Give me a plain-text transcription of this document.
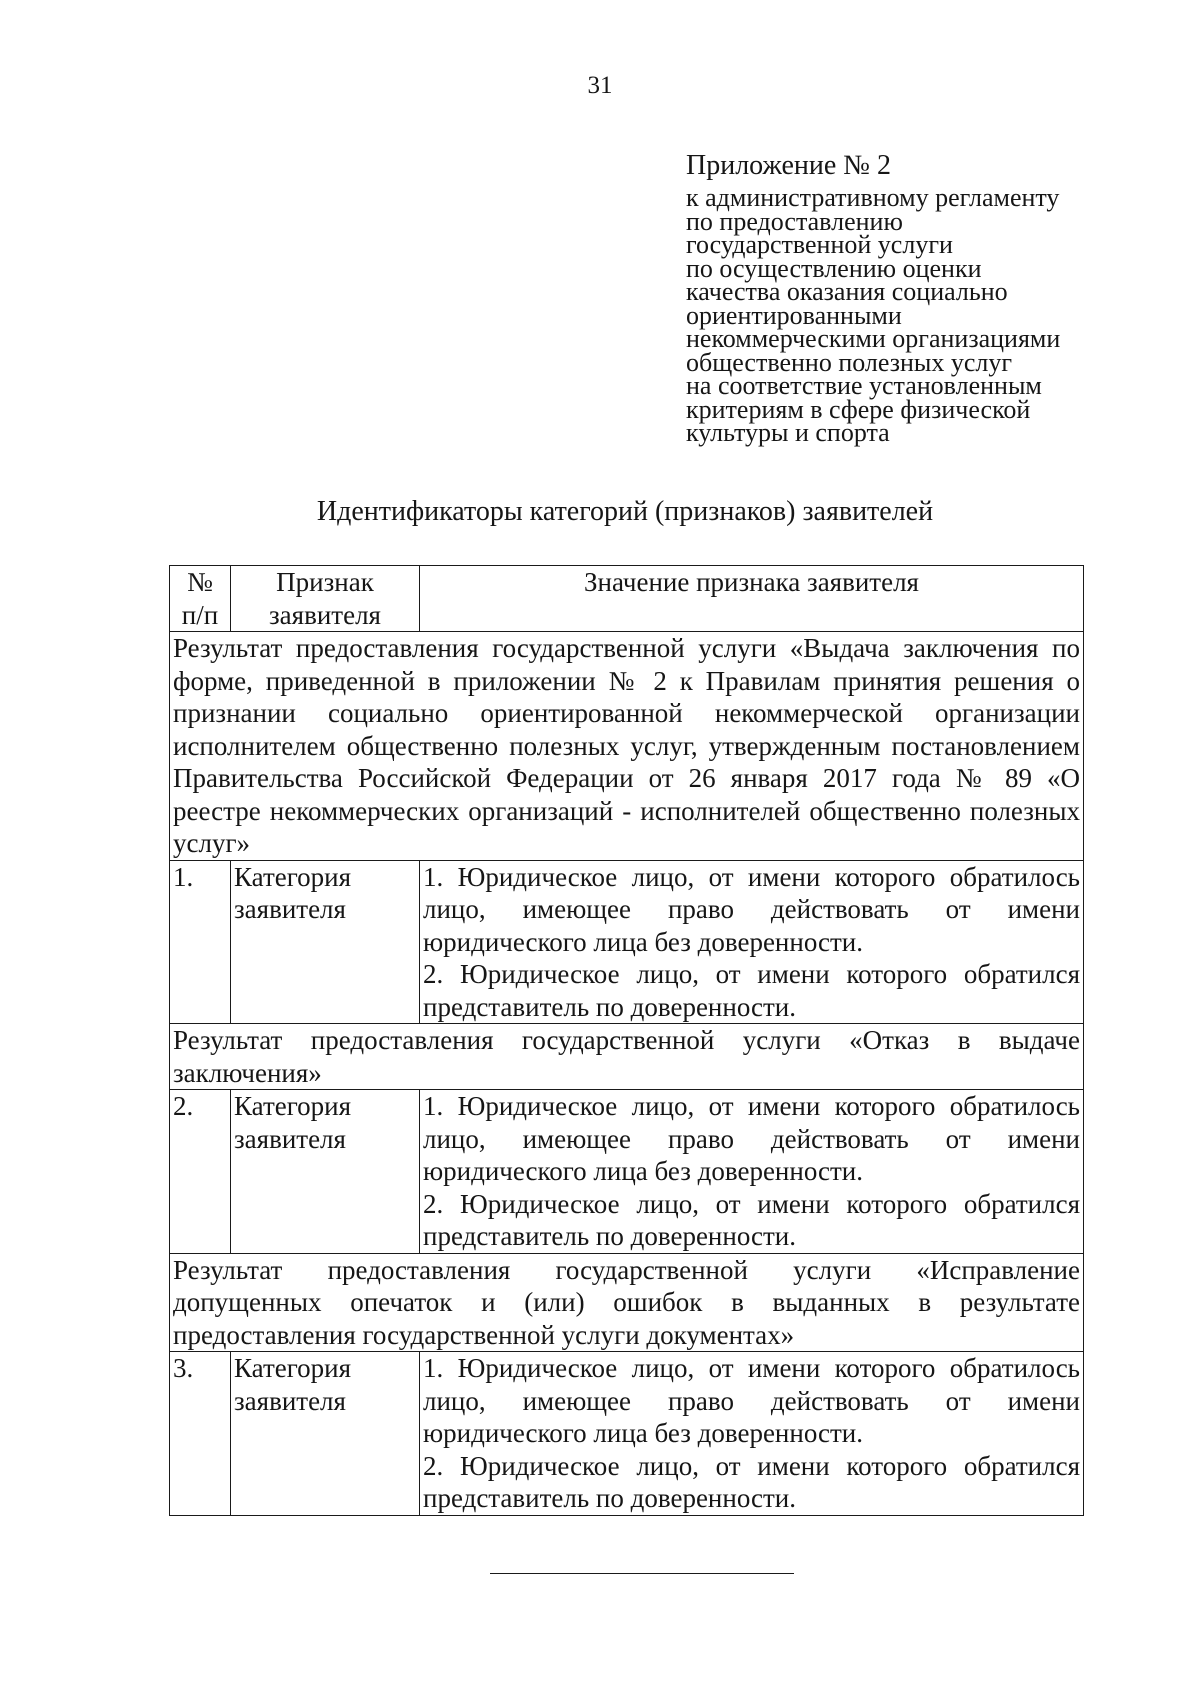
31
Приложение № 2
к административному регламенту
по предоставлению
государственной услуги
по осуществлению оценки
качества оказания социально
ориентированными
некоммерческими организациями
общественно полезных услуг
на соответствие установленным
критериям в сфере физической
культуры и спорта
Идентификаторы категорий (признаков) заявителей
№ п/п	Признак заявителя	Значение признака заявителя
Результат предоставления государственной услуги «Выдача заключения по форме, приведенной в приложении № 2 к Правилам принятия решения о признании социально ориентированной некоммерческой организации исполнителем общественно полезных услуг, утвержденным постановлением Правительства Российской Федерации от 26 января 2017 года № 89 «О реестре некоммерческих организаций - исполнителей общественно полезных услуг»		
1.	Категория заявителя	1. Юридическое лицо, от имени которого обратилось лицо, имеющее право действовать от имени юридического лица без доверенности.

2. Юридическое лицо, от имени которого обратился представитель по доверенности.

Результат предоставления государственной услуги «Отказ в выдаче заключения»		
2.	Категория заявителя	1. Юридическое лицо, от имени которого обратилось лицо, имеющее право действовать от имени юридического лица без доверенности.

2. Юридическое лицо, от имени которого обратился представитель по доверенности.

Результат предоставления государственной услуги «Исправление допущенных опечаток и (или) ошибок в выданных в результате предоставления государственной услуги документах»		
3.	Категория заявителя	1. Юридическое лицо, от имени которого обратилось лицо, имеющее право действовать от имени юридического лица без доверенности.

2. Юридическое лицо, от имени которого обратился представитель по доверенности.
